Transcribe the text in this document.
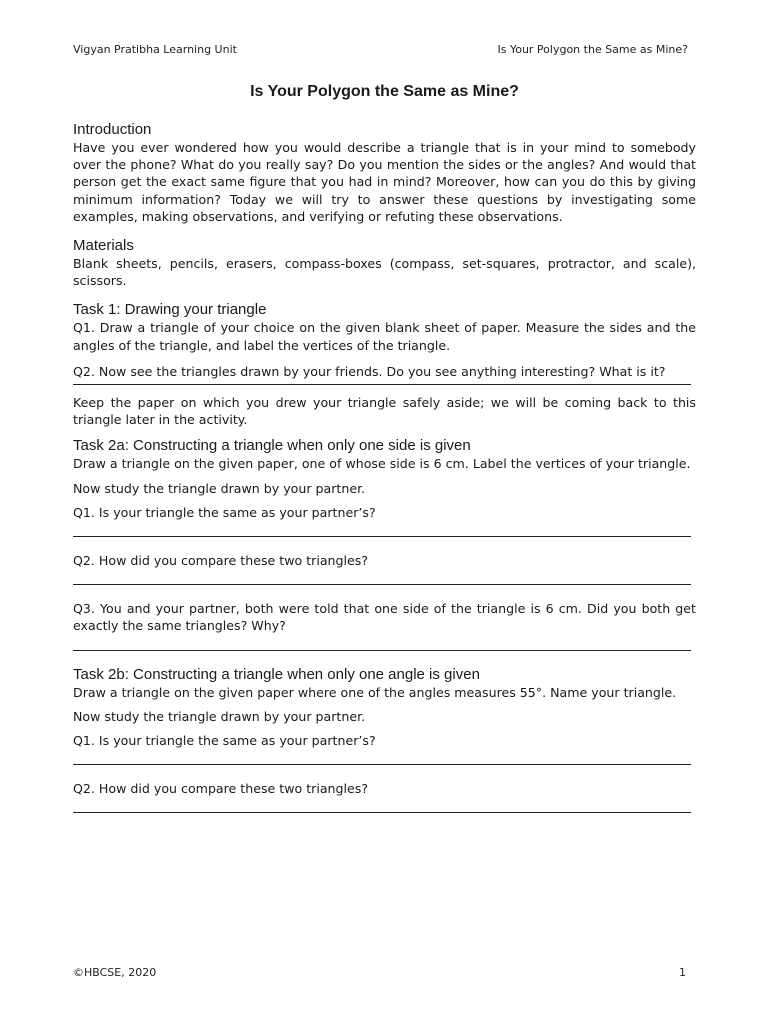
Vigyan Pratibha Learning Unit	Is Your Polygon the Same as Mine?
Is Your Polygon the Same as Mine?
Introduction

Have you ever wondered how you would describe a triangle that is in your mind to somebody over the phone? What do you really say? Do you mention the sides or the angles? And would that person get the exact same figure that you had in mind? Moreover, how can you do this by giving minimum information? Today we will try to answer these questions by investigating some examples, making observations, and verifying or refuting these observations.

Materials

Blank sheets, pencils, erasers, compass-boxes (compass, set-squares, protractor, and scale), scissors.

Task 1: Drawing your triangle

Q1. Draw a triangle of your choice on the given blank sheet of paper. Measure the sides and the angles of the triangle, and label the vertices of the triangle.

Q2. Now see the triangles drawn by your friends. Do you see anything interesting? What is it?

Keep the paper on which you drew your triangle safely aside; we will be coming back to this triangle later in the activity.

Task 2a: Constructing a triangle when only one side is given

Draw a triangle on the given paper, one of whose side is 6 cm. Label the vertices of your triangle.

Now study the triangle drawn by your partner.

Q1. Is your triangle the same as your partner’s?

Q2. How did you compare these two triangles?

Q3. You and your partner, both were told that one side of the triangle is 6 cm. Did you both get exactly the same triangles? Why?

Task 2b: Constructing a triangle when only one angle is given

Draw a triangle on the given paper where one of the angles measures 55°. Name your triangle.

Now study the triangle drawn by your partner.

Q1. Is your triangle the same as your partner’s?

Q2. How did you compare these two triangles?

©HBCSE, 2020	1
